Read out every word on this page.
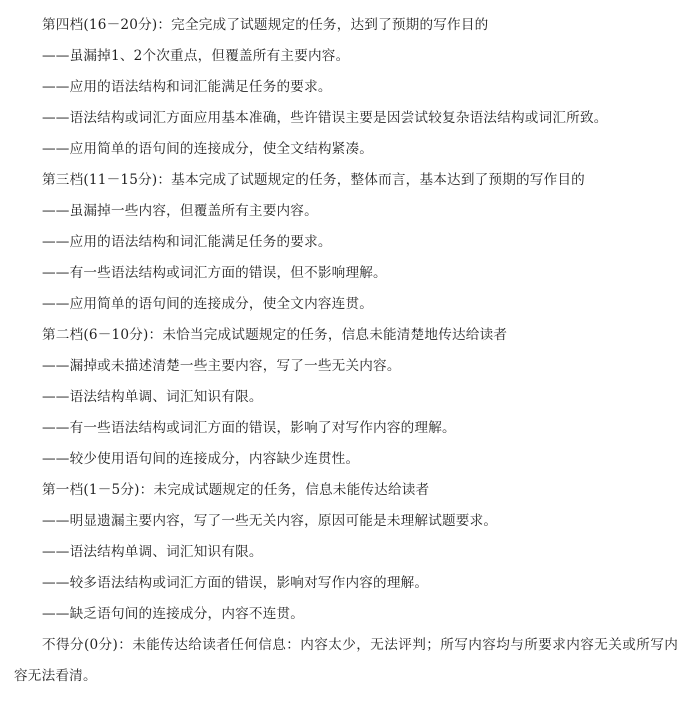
第四档(16－20分)：完全完成了试题规定的任务，达到了预期的写作目的
——虽漏掉1、2个次重点，但覆盖所有主要内容。
——应用的语法结构和词汇能满足任务的要求。
——语法结构或词汇方面应用基本准确，些许错误主要是因尝试较复杂语法结构或词汇所致。
——应用简单的语句间的连接成分，使全文结构紧凑。
第三档(11－15分)：基本完成了试题规定的任务，整体而言，基本达到了预期的写作目的
——虽漏掉一些内容，但覆盖所有主要内容。
——应用的语法结构和词汇能满足任务的要求。
——有一些语法结构或词汇方面的错误，但不影响理解。
——应用简单的语句间的连接成分，使全文内容连贯。
第二档(6－10分)：未恰当完成试题规定的任务，信息未能清楚地传达给读者
——漏掉或未描述清楚一些主要内容，写了一些无关内容。
——语法结构单调、词汇知识有限。
——有一些语法结构或词汇方面的错误，影响了对写作内容的理解。
——较少使用语句间的连接成分，内容缺少连贯性。
第一档(1－5分)：未完成试题规定的任务，信息未能传达给读者
——明显遗漏主要内容，写了一些无关内容，原因可能是未理解试题要求。
——语法结构单调、词汇知识有限。
——较多语法结构或词汇方面的错误，影响对写作内容的理解。
——缺乏语句间的连接成分，内容不连贯。
不得分(0分)：未能传达给读者任何信息：内容太少，无法评判；所写内容均与所要求内容无关或所写内容无法看清。
